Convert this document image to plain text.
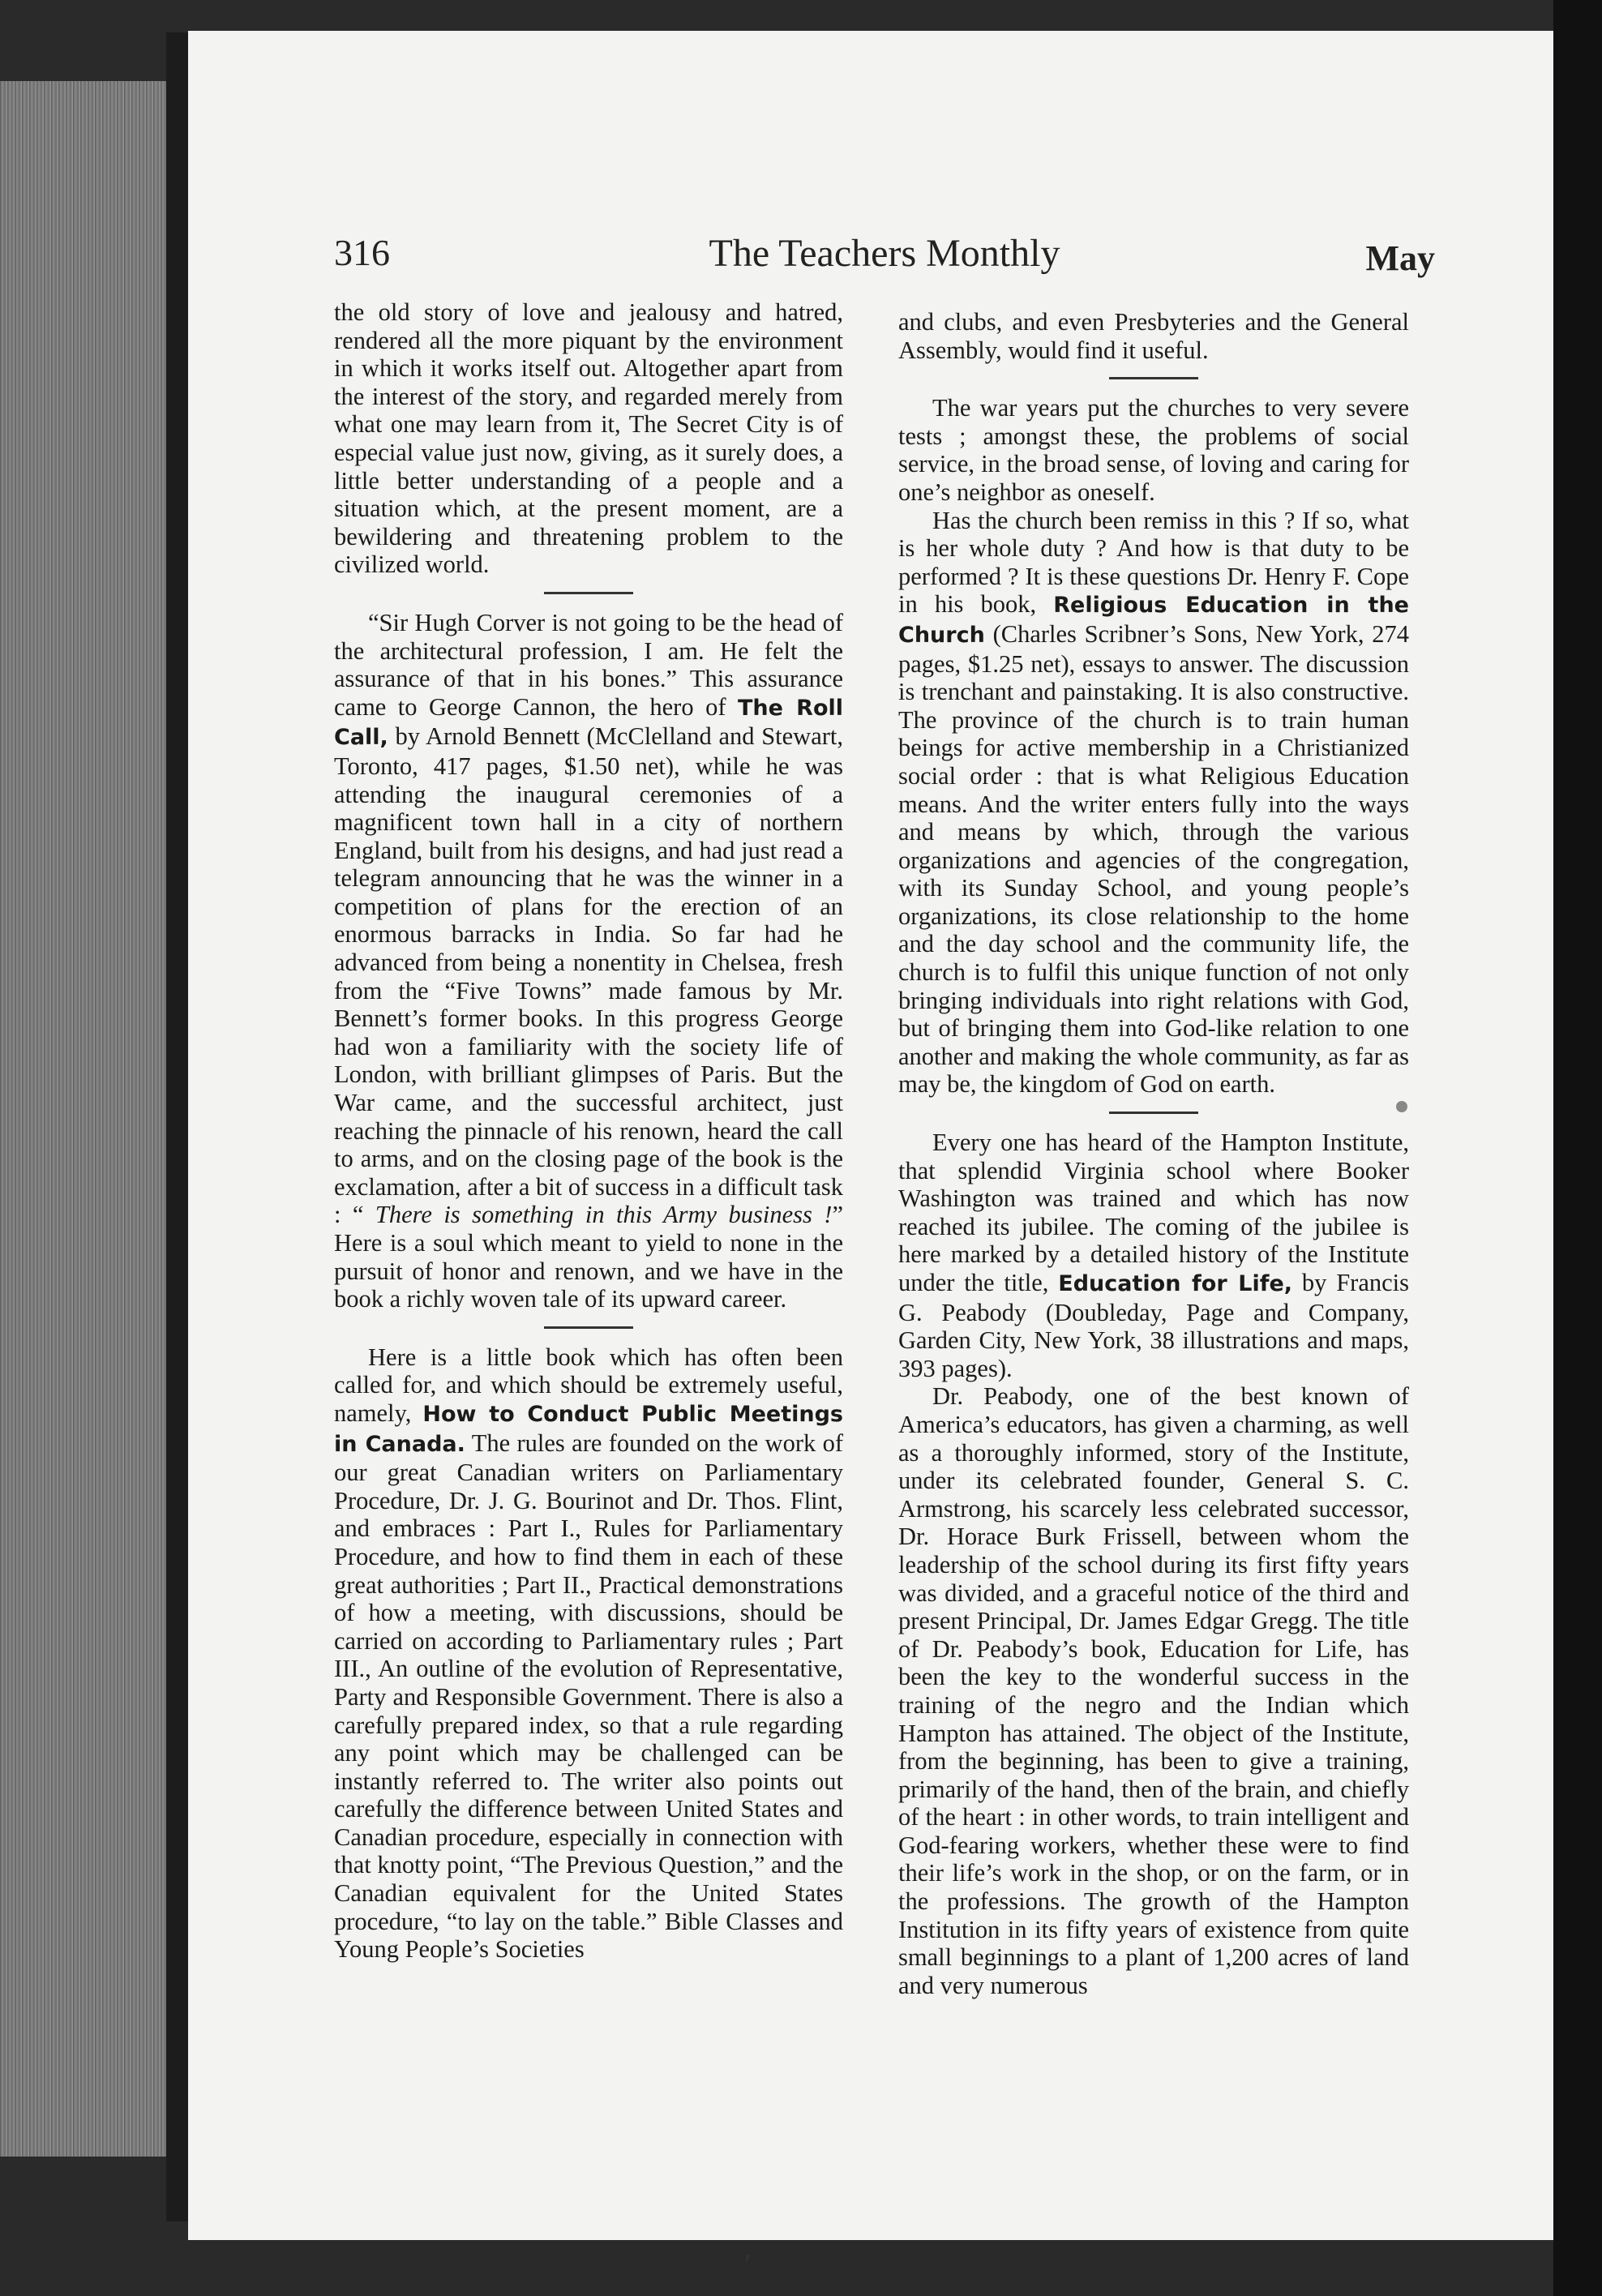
316	The Teachers Monthly	May

the old story of love and jealousy and hatred, rendered all the more piquant by the environment in which it works itself out. Altogether apart from the interest of the story, and regarded merely from what one may learn from it, The Secret City is of especial value just now, giving, as it surely does, a little better understanding of a people and a situation which, at the present moment, are a bewildering and threatening problem to the civilized world.

“Sir Hugh Corver is not going to be the head of the architectural profession, I am. He felt the assurance of that in his bones.” This assurance came to George Cannon, the hero of The Roll Call, by Arnold Bennett (McClelland and Stewart, Toronto, 417 pages, $1.50 net), while he was attending the inaugural ceremonies of a magnificent town hall in a city of northern England, built from his designs, and had just read a telegram announcing that he was the winner in a competition of plans for the erection of an enormous barracks in India. So far had he advanced from being a nonentity in Chelsea, fresh from the “Five Towns” made famous by Mr. Bennett’s former books. In this progress George had won a familiarity with the society life of London, with brilliant glimpses of Paris. But the War came, and the successful architect, just reaching the pinnacle of his renown, heard the call to arms, and on the closing page of the book is the exclamation, after a bit of success in a difficult task : “ There is something in this Army business !” Here is a soul which meant to yield to none in the pursuit of honor and renown, and we have in the book a richly woven tale of its upward career.

Here is a little book which has often been called for, and which should be extremely useful, namely, How to Conduct Public Meetings in Canada. The rules are founded on the work of our great Canadian writers on Parliamentary Procedure, Dr. J. G. Bourinot and Dr. Thos. Flint, and embraces : Part I., Rules for Parliamentary Procedure, and how to find them in each of these great authorities ; Part II., Practical demonstrations of how a meeting, with discussions, should be carried on according to Parliamentary rules ; Part III., An outline of the evolution of Representative, Party and Responsible Government. There is also a carefully prepared index, so that a rule regarding any point which may be challenged can be instantly referred to. The writer also points out carefully the difference between United States and Canadian procedure, especially in connection with that knotty point, “The Previous Question,” and the Canadian equivalent for the United States procedure, “to lay on the table.” Bible Classes and Young People’s Societies

and clubs, and even Presbyteries and the General Assembly, would find it useful.

The war years put the churches to very severe tests ; amongst these, the problems of social service, in the broad sense, of loving and caring for one’s neighbor as oneself.

Has the church been remiss in this ? If so, what is her whole duty ? And how is that duty to be performed ? It is these questions Dr. Henry F. Cope in his book, Religious Education in the Church (Charles Scribner’s Sons, New York, 274 pages, $1.25 net), essays to answer. The discussion is trenchant and painstaking. It is also constructive. The province of the church is to train human beings for active membership in a Christianized social order : that is what Religious Education means. And the writer enters fully into the ways and means by which, through the various organizations and agencies of the congregation, with its Sunday School, and young people’s organizations, its close relationship to the home and the day school and the community life, the church is to fulfil this unique function of not only bringing individuals into right relations with God, but of bringing them into God-like relation to one another and making the whole community, as far as may be, the kingdom of God on earth.

Every one has heard of the Hampton Institute, that splendid Virginia school where Booker Washington was trained and which has now reached its jubilee. The coming of the jubilee is here marked by a detailed history of the Institute under the title, Education for Life, by Francis G. Peabody (Doubleday, Page and Company, Garden City, New York, 38 illustrations and maps, 393 pages).

Dr. Peabody, one of the best known of America’s educators, has given a charming, as well as a thoroughly informed, story of the Institute, under its celebrated founder, General S. C. Armstrong, his scarcely less celebrated successor, Dr. Horace Burk Frissell, between whom the leadership of the school during its first fifty years was divided, and a graceful notice of the third and present Principal, Dr. James Edgar Gregg. The title of Dr. Peabody’s book, Education for Life, has been the key to the wonderful success in the training of the negro and the Indian which Hampton has attained. The object of the Institute, from the beginning, has been to give a training, primarily of the hand, then of the brain, and chiefly of the heart : in other words, to train intelligent and God-fearing workers, whether these were to find their life’s work in the shop, or on the farm, or in the professions. The growth of the Hampton Institution in its fifty years of existence from quite small beginnings to a plant of 1,200 acres of land and very numerous

′
